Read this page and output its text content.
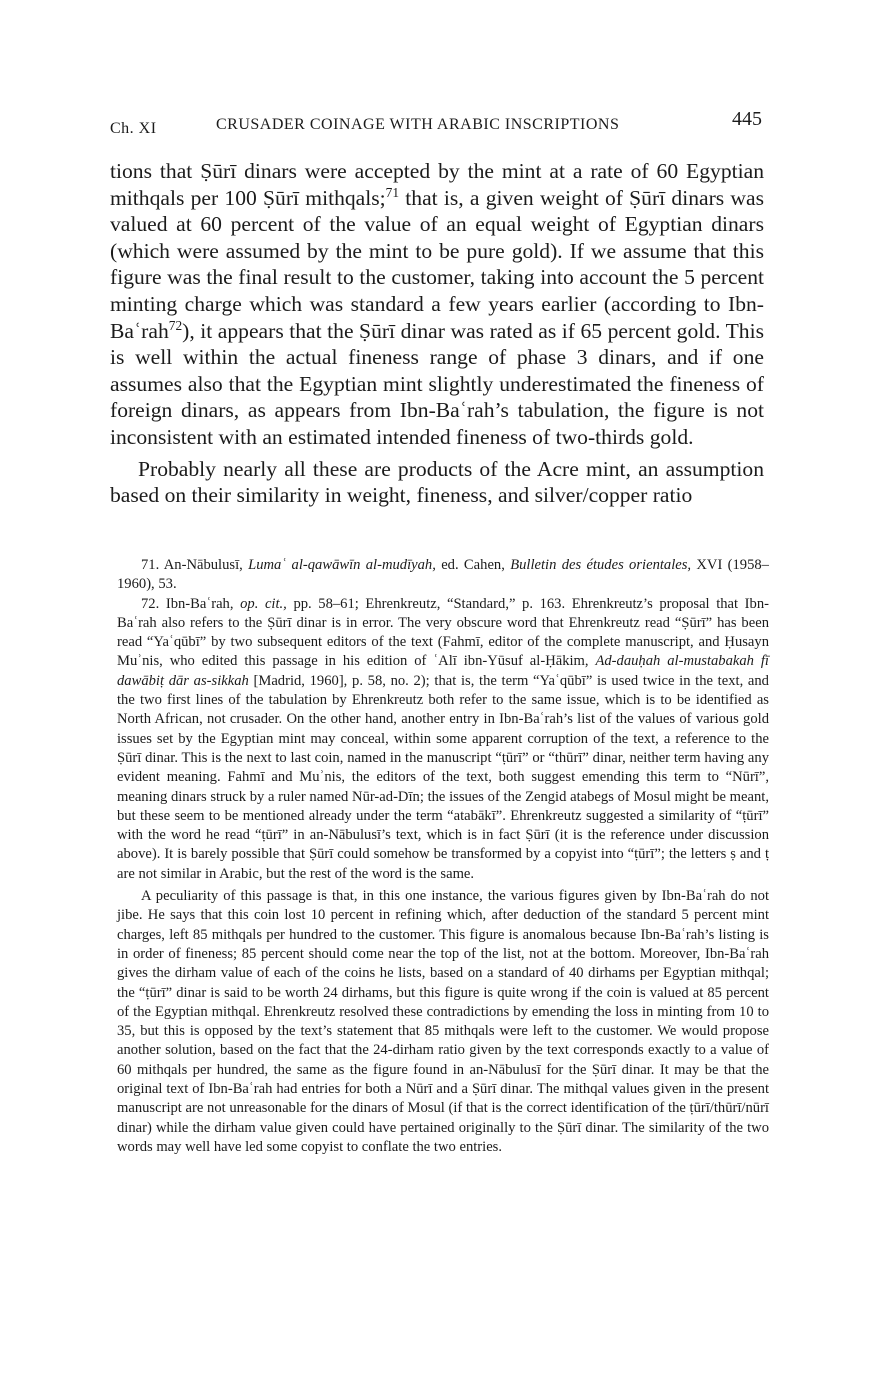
Ch. XI	CRUSADER COINAGE WITH ARABIC INSCRIPTIONS	445

tions that Ṣūrī dinars were accepted by the mint at a rate of 60 Egyptian mithqals per 100 Ṣūrī mithqals;$^{71}$ that is, a given weight of Ṣūrī dinars was valued at 60 percent of the value of an equal weight of Egyptian dinars (which were assumed by the mint to be pure gold). If we assume that this figure was the final result to the customer, taking into account the 5 percent minting charge which was standard a few years earlier (according to Ibn-Baʿrah$^{72}$), it appears that the Ṣūrī dinar was rated as if 65 percent gold. This is well within the actual fineness range of phase 3 dinars, and if one assumes also that the Egyptian mint slightly underestimated the fineness of foreign dinars, as appears from Ibn-Baʿrah’s tabulation, the figure is not inconsistent with an estimated intended fineness of two-thirds gold.

Probably nearly all these are products of the Acre mint, an assumption based on their similarity in weight, fineness, and silver/copper ratio

71. An-Nābulusī, Lumaʿ al-qawāwīn al-mudīyah, ed. Cahen, Bulletin des études orientales, XVI (1958–1960), 53.

72. Ibn-Baʿrah, op. cit., pp. 58–61; Ehrenkreutz, “Standard,” p. 163. Ehrenkreutz’s proposal that Ibn-Baʿrah also refers to the Ṣūrī dinar is in error. The very obscure word that Ehrenkreutz read “Ṣūrī” has been read “Yaʿqūbī” by two subsequent editors of the text (Fahmī, editor of the complete manuscript, and Ḥusayn Muʾnis, who edited this passage in his edition of ʿAlī ibn-Yūsuf al-Ḥākim, Ad-dauḥah al-mustabakah fī dawābiṭ dār as-sikkah [Madrid, 1960], p. 58, no. 2); that is, the term “Yaʿqūbī” is used twice in the text, and the two first lines of the tabulation by Ehrenkreutz both refer to the same issue, which is to be identified as North African, not crusader. On the other hand, another entry in Ibn-Baʿrah’s list of the values of various gold issues set by the Egyptian mint may conceal, within some apparent corruption of the text, a reference to the Ṣūrī dinar. This is the next to last coin, named in the manuscript “ṭūrī” or “thūrī” dinar, neither term having any evident meaning. Fahmī and Muʾnis, the editors of the text, both suggest emending this term to “Nūrī”, meaning dinars struck by a ruler named Nūr-ad-Dīn; the issues of the Zengid atabegs of Mosul might be meant, but these seem to be mentioned already under the term “atabākī”. Ehrenkreutz suggested a similarity of “ṭūrī” with the word he read “ṭūrī” in an-Nābulusī’s text, which is in fact Ṣūrī (it is the reference under discussion above). It is barely possible that Ṣūrī could somehow be transformed by a copyist into “ṭūrī”; the letters ṣ and ṭ are not similar in Arabic, but the rest of the word is the same.

A peculiarity of this passage is that, in this one instance, the various figures given by Ibn-Baʿrah do not jibe. He says that this coin lost 10 percent in refining which, after deduction of the standard 5 percent mint charges, left 85 mithqals per hundred to the customer. This figure is anomalous because Ibn-Baʿrah’s listing is in order of fineness; 85 percent should come near the top of the list, not at the bottom. Moreover, Ibn-Baʿrah gives the dirham value of each of the coins he lists, based on a standard of 40 dirhams per Egyptian mithqal; the “ṭūrī” dinar is said to be worth 24 dirhams, but this figure is quite wrong if the coin is valued at 85 percent of the Egyptian mithqal. Ehrenkreutz resolved these contradictions by emending the loss in minting from 10 to 35, but this is opposed by the text’s statement that 85 mithqals were left to the customer. We would propose another solution, based on the fact that the 24-dirham ratio given by the text corresponds exactly to a value of 60 mithqals per hundred, the same as the figure found in an-Nābulusī for the Ṣūrī dinar. It may be that the original text of Ibn-Baʿrah had entries for both a Nūrī and a Ṣūrī dinar. The mithqal values given in the present manuscript are not unreasonable for the dinars of Mosul (if that is the correct identification of the ṭūrī/thūrī/nūrī dinar) while the dirham value given could have pertained originally to the Ṣūrī dinar. The similarity of the two words may well have led some copyist to conflate the two entries.
